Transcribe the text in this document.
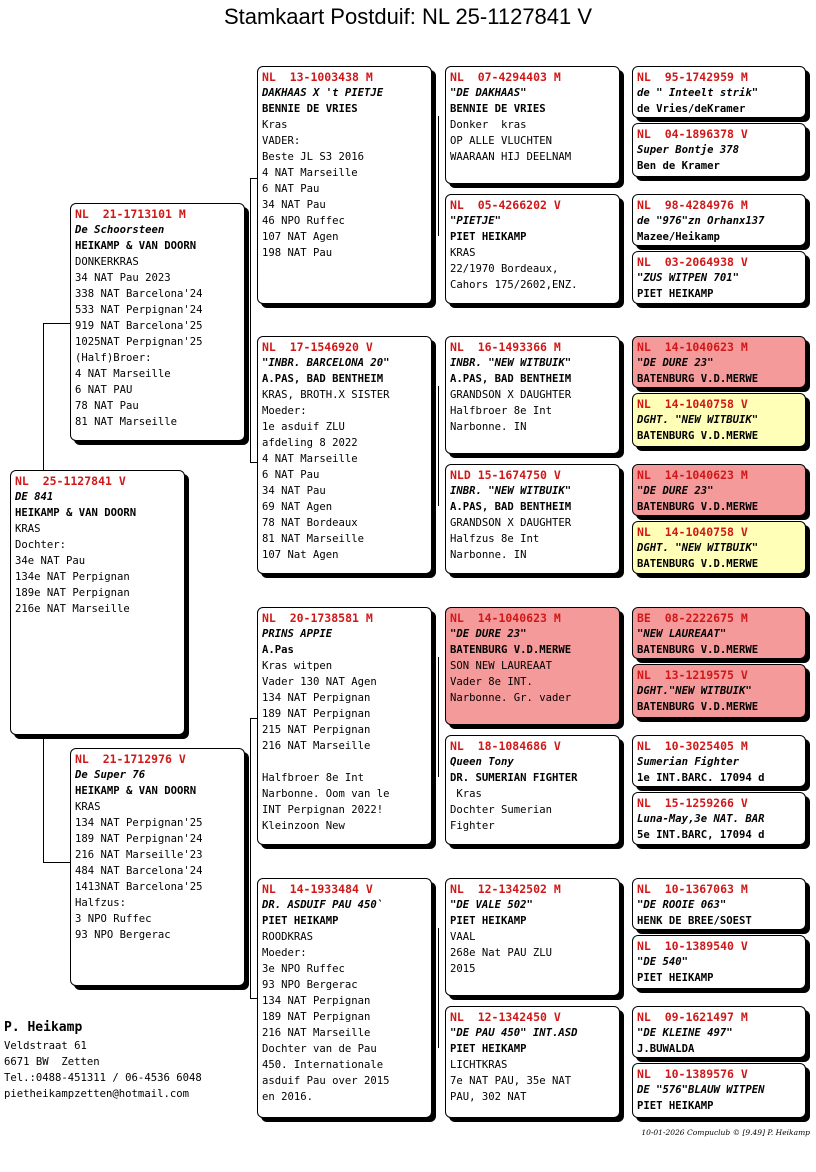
Stamkaart Postduif: NL 25-1127841 V
NL  25-1127841 V
DE 841
HEIKAMP & VAN DOORN
KRAS
Dochter:
34e NAT Pau
134e NAT Perpignan
189e NAT Perpignan
216e NAT Marseille
NL  21-1713101 M
De Schoorsteen
HEIKAMP & VAN DOORN
DONKERKRAS
34 NAT Pau 2023
338 NAT Barcelona'24
533 NAT Perpignan'24
919 NAT Barcelona'25
1025NAT Perpignan'25
(Half)Broer:
4 NAT Marseille
6 NAT PAU
78 NAT Pau
81 NAT Marseille
NL  21-1712976 V
De Super 76
HEIKAMP & VAN DOORN
KRAS
134 NAT Perpignan'25
189 NAT Perpignan'24
216 NAT Marseille'23
484 NAT Barcelona'24
1413NAT Barcelona'25
Halfzus:
3 NPO Ruffec
93 NPO Bergerac
NL  13-1003438 M
DAKHAAS X 't PIETJE
BENNIE DE VRIES
Kras
VADER:
Beste JL S3 2016
4 NAT Marseille
6 NAT Pau
34 NAT Pau
46 NPO Ruffec
107 NAT Agen
198 NAT Pau
NL  17-1546920 V
"INBR. BARCELONA 20"
A.PAS, BAD BENTHEIM
KRAS, BROTH.X SISTER
Moeder:
1e asduif ZLU
afdeling 8 2022
4 NAT Marseille
6 NAT Pau
34 NAT Pau
69 NAT Agen
78 NAT Bordeaux
81 NAT Marseille
107 Nat Agen
NL  20-1738581 M
PRINS APPIE
A.Pas
Kras witpen
Vader 130 NAT Agen
134 NAT Perpignan
189 NAT Perpignan
215 NAT Perpignan
216 NAT Marseille

Halfbroer 8e Int
Narbonne. Oom van le
INT Perpignan 2022!
Kleinzoon New
NL  14-1933484 V
DR. ASDUIF PAU 450`
PIET HEIKAMP
ROODKRAS
Moeder:
3e NPO Ruffec
93 NPO Bergerac
134 NAT Perpignan
189 NAT Perpignan
216 NAT Marseille
Dochter van de Pau
450. Internationale
asduif Pau over 2015
en 2016.
NL  07-4294403 M
"DE DAKHAAS"
BENNIE DE VRIES
Donker  kras
OP ALLE VLUCHTEN
WAARAAN HIJ DEELNAM
NL  05-4266202 V
"PIETJE"
PIET HEIKAMP
KRAS
22/1970 Bordeaux,
Cahors 175/2602,ENZ.
NL  16-1493366 M
INBR. "NEW WITBUIK"
A.PAS, BAD BENTHEIM
GRANDSON X DAUGHTER
Halfbroer 8e Int
Narbonne. IN
NLD 15-1674750 V
INBR. "NEW WITBUIK"
A.PAS, BAD BENTHEIM
GRANDSON X DAUGHTER
Halfzus 8e Int
Narbonne. IN
NL  14-1040623 M
"DE DURE 23"
BATENBURG V.D.MERWE
SON NEW LAUREAAT
Vader 8e INT.
Narbonne. Gr. vader
NL  18-1084686 V
Queen Tony
DR. SUMERIAN FIGHTER
Kras
Dochter Sumerian
Fighter
NL  12-1342502 M
"DE VALE 502"
PIET HEIKAMP
VAAL
268e Nat PAU ZLU
2015
NL  12-1342450 V
"DE PAU 450" INT.ASD
PIET HEIKAMP
LICHTKRAS
7e NAT PAU, 35e NAT
PAU, 302 NAT
NL  95-1742959 M
de " Inteelt strik"
de Vries/deKramer
NL  04-1896378 V
Super Bontje 378
Ben de Kramer
NL  98-4284976 M
de "976"zn Orhanx137
Mazee/Heikamp
NL  03-2064938 V
"ZUS WITPEN 701"
PIET HEIKAMP
NL  14-1040623 M
"DE DURE 23"
BATENBURG V.D.MERWE
NL  14-1040758 V
DGHT. "NEW WITBUIK"
BATENBURG V.D.MERWE
NL  14-1040623 M
"DE DURE 23"
BATENBURG V.D.MERWE
NL  14-1040758 V
DGHT. "NEW WITBUIK"
BATENBURG V.D.MERWE
BE  08-2222675 M
"NEW LAUREAAT"
BATENBURG V.D.MERWE
NL  13-1219575 V
DGHT."NEW WITBUIK"
BATENBURG V.D.MERWE
NL  10-3025405 M
Sumerian Fighter
1e INT.BARC. 17094 d
NL  15-1259266 V
Luna-May,3e NAT. BAR
5e INT.BARC, 17094 d
NL  10-1367063 M
"DE ROOIE 063"
HENK DE BREE/SOEST
NL  10-1389540 V
"DE 540"
PIET HEIKAMP
NL  09-1621497 M
"DE KLEINE 497"
J.BUWALDA
NL  10-1389576 V
DE "576"BLAUW WITPEN
PIET HEIKAMP
P. Heikamp
Veldstraat 61
6671 BW  Zetten
Tel.:0488-451311 / 06-4536 6048
pietheikampzetten@hotmail.com
10-01-2026 Compuclub © [9.49] P. Heikamp
